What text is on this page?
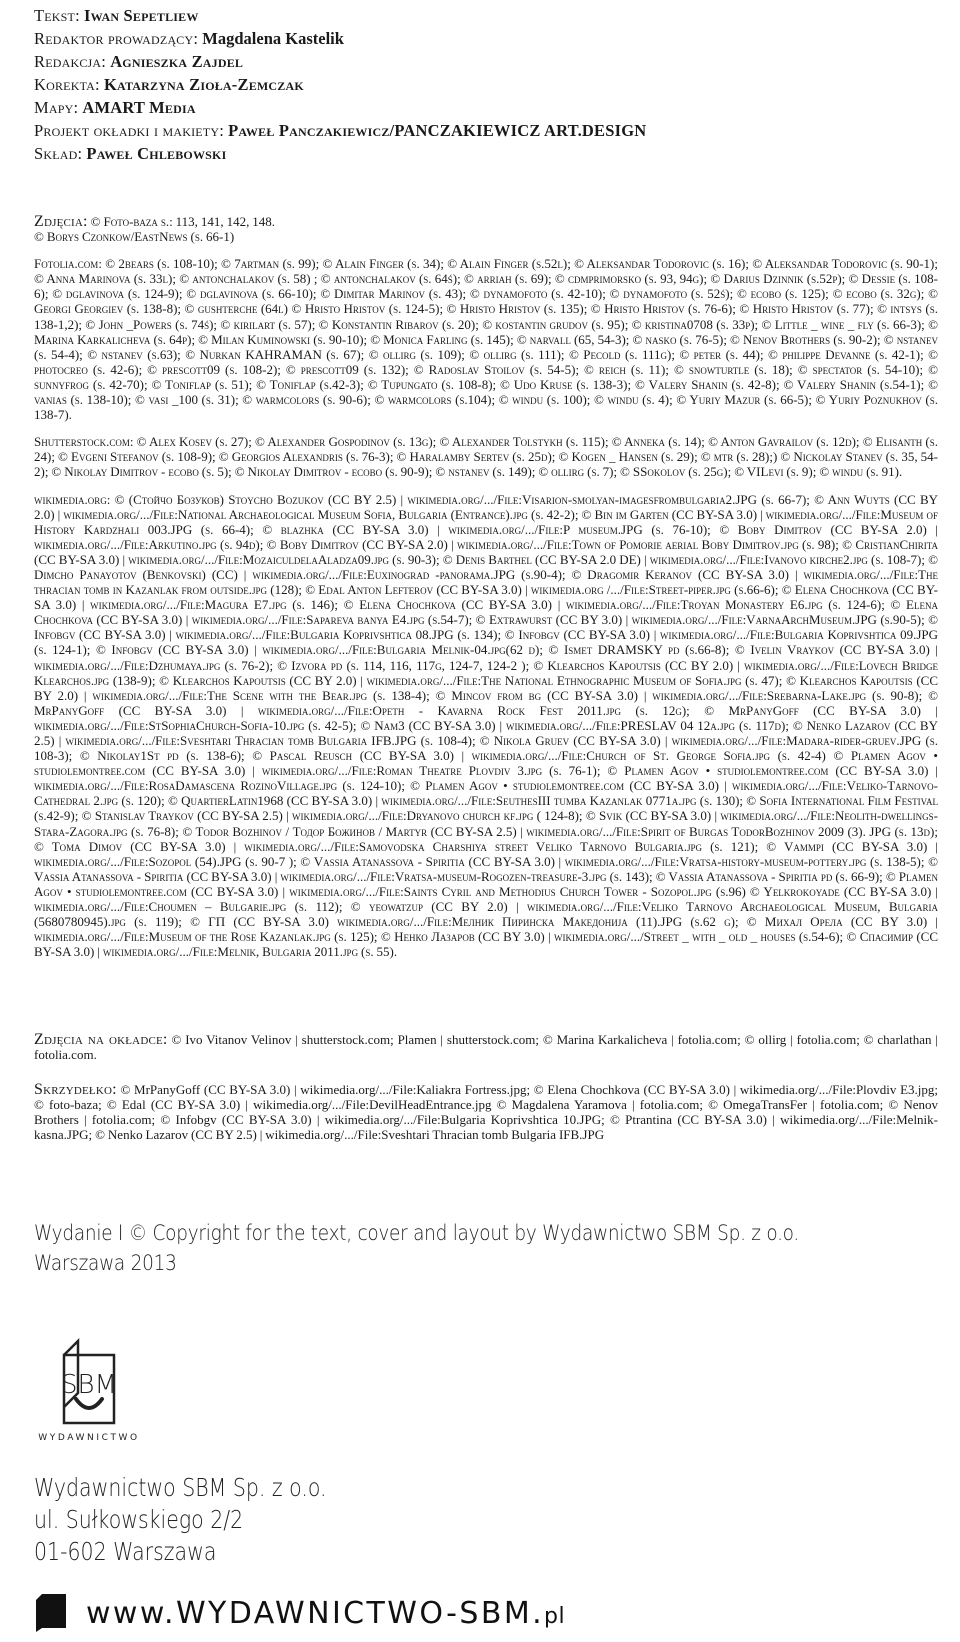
Tekst: Iwan Sepetliew
Redaktor prowadzący: Magdalena Kastelik
Redakcja: Agnieszka Zajdel
Korekta: Katarzyna Zioła-Zemczak
Mapy: AMART Media
Projekt okładki i makiety: Paweł Panczakiewicz/PANCZAKIEWICZ ART.DESIGN
Skład: Paweł Chlebowski
Zdjęcia: © Foto-baza s.: 113, 141, 142, 148.
© Borys Czonkow/EastNews (s. 66-1)
Fotolia.com: © 2bears (s. 108-10); © 7artman (s. 99); © Alain Finger (s. 34); © Alain Finger (s.52l); © Aleksandar Todorovic (s. 16); © Aleksandar Todorovic (s. 90-1); © Anna Marinova (s. 33l); © antonchalakov (s. 58) ; © antonchalakov (s. 64ś); © arriah (s. 69); © cdmprimorsko (s. 93, 94g); © Darius Dzinnik (s.52p); © Dessie (s. 108-6); © dglavinova (s. 124-9); © dglavinova (s. 66-10); © Dimitar Marinov (s. 43); © dynamofoto (s. 42-10); © dynamofoto (s. 52ś); © ecobo (s. 125); © ecobo (s. 32g); © Georgi Georgiev (s. 138-8); © gushterche (64l) © Hristo Hristov (s. 124-5); © Hristo Hristov (s. 135); © Hristo Hristov (s. 76-6); © Hristo Hristov (s. 77); © intsys (s. 138-1,2); © John _Powers (s. 74ś); © kirilart (s. 57); © Konstantin Ribarov (s. 20); © kostantin grudov (s. 95); © kristina0708 (s. 33p); © Little _ wine _ fly (s. 66-3); © Marina Karkalicheva (s. 64p); © Milan Kuminowski (s. 90-10); © Monica Farling (s. 145); © narvall (65, 54-3); © nasko (s. 76-5); © Nenov Brothers (s. 90-2); © nstanev (s. 54-4); © nstanev (s.63); © Nurkan KAHRAMAN (s. 67); © ollirg (s. 109); © ollirg (s. 111); © Pecold (s. 111g); © peter (s. 44); © philippe Devanne (s. 42-1); © photocreo (s. 42-6); © prescott09 (s. 108-2); © prescott09 (s. 132); © Radoslav Stoilov (s. 54-5); © reich (s. 11); © snowturtle (s. 18); © spectator (s. 54-10); © sunnyfrog (s. 42-70); © Toniflap (s. 51); © Toniflap (s.42-3); © Tupungato (s. 108-8); © Udo Kruse (s. 138-3); © Valery Shanin (s. 42-8); © Valery Shanin (s.54-1); © vanias (s. 138-10); © vasi _100 (s. 31); © warmcolors (s. 90-6); © warmcolors (s.104); © windu (s. 100); © windu (s. 4); © Yuriy Mazur (s. 66-5); © Yuriy Poznukhov (s. 138-7).
Shutterstock.com: © Alex Kosev (s. 27); © Alexander Gospodinov (s. 13g); © Alexander Tolstykh (s. 115); © Anneka (s. 14); © Anton Gavrailov (s. 12d); © Elisanth (s. 24); © Evgeni Stefanov (s. 108-9); © Georgios Alexandris (s. 76-3); © Haralamby Sertev (s. 25d); © Kogen _ Hansen (s. 29); © mtr (s. 28);) © Nickolay Stanev (s. 35, 54-2); © Nikolay Dimitrov - ecobo (s. 5); © Nikolay Dimitrov - ecobo (s. 90-9); © nstanev (s. 149); © ollirg (s. 7); © SSokolov (s. 25g); © VILevi (s. 9); © windu (s. 91).
wikimedia.org: © (Стойчо Бозуков) Stoycho Bozukov (CC BY 2.5) | wikimedia.org/.../File:Visarion-smolyan-imagesfrombulgaria2.JPG (s. 66-7); © Ann Wuyts (CC BY 2.0) | wikimedia.org/.../File:National Archaeological Museum Sofia, Bulgaria (Entrance).jpg (s. 42-2); © Bin im Garten (CC BY-SA 3.0) | wikimedia.org/.../File:Museum of History Kardzhali 003.JPG (s. 66-4); © blazhka (CC BY-SA 3.0) | wikimedia.org/.../File:P museum.JPG (s. 76-10); © Boby Dimitrov (CC BY-SA 2.0) | wikimedia.org/.../File:Arkutino.jpg (s. 94d); © Boby Dimitrov (CC BY-SA 2.0) | wikimedia.org/.../File:Town of Pomorie aerial Boby Dimitrov.jpg (s. 98); © CristianChirita (CC BY-SA 3.0) | wikimedia.org/.../File:MozaiculdelaAladza09.jpg (s. 90-3); © Denis Barthel (CC BY-SA 2.0 DE) | wikimedia.org/.../File:Ivanovo kirche2.jpg (s. 108-7); © Dimcho Panayotov (Benkovski) (CC) | wikimedia.org/.../File:Euxinograd -panorama.JPG (s.90-4); © Dragomir Keranov (CC BY-SA 3.0) | wikimedia.org/.../File:The thracian tomb in Kazanlak from outside.jpg (128); © Edal Anton Lefterov (CC BY-SA 3.0) | wikimedia.org /.../File:Street-piper.jpg (s.66-6); © Elena Chochkova (CC BY-SA 3.0) | wikimedia.org/.../File:Magura E7.jpg (s. 146); © Elena Chochkova (CC BY-SA 3.0) | wikimedia.org/.../File:Troyan Monastery E6.jpg (s. 124-6); © Elena Chochkova (CC BY-SA 3.0) | wikimedia.org/.../File:Sapareva banya E4.jpg (s.54-7); © Extrawurst (CC BY 3.0) | wikimedia.org/.../File:VarnaArchMuseum.JPG (s.90-5); © Infobgv (CC BY-SA 3.0) | wikimedia.org/.../File:Bulgaria Koprivshtica 08.JPG (s. 134); © Infobgv (CC BY-SA 3.0) | wikimedia.org/.../File:Bulgaria Koprivshtica 09.JPG (s. 124-1); © Infobgv (CC BY-SA 3.0) | wikimedia.org/.../File:Bulgaria Melnik-04.jpg(62 d); © Ismet DRAMSKY pd (s.66-8); © Ivelin Vraykov (CC BY-SA 3.0) | wikimedia.org/.../File:Dzhumaya.jpg (s. 76-2); © Izvora pd (s. 114, 116, 117g, 124-7, 124-2 ); © Klearchos Kapoutsis (CC BY 2.0) | wikimedia.org/.../File:Lovech Bridge Klearchos.jpg (138-9); © Klearchos Kapoutsis (CC BY 2.0) | wikimedia.org/.../File:The National Ethnographic Museum of Sofia.jpg (s. 47); © Klearchos Kapoutsis (CC BY 2.0) | wikimedia.org/.../File:The Scene with the Bear.jpg (s. 138-4); © Mincov from bg (CC BY-SA 3.0) | wikimedia.org/.../File:Srebarna-Lake.jpg (s. 90-8); © MrPanyGoff (CC BY-SA 3.0) | wikimedia.org/.../File:Opeth - Kavarna Rock Fest 2011.jpg (s. 12g); © MrPanyGoff (CC BY-SA 3.0) | wikimedia.org/.../File:StSophiaChurch-Sofia-10.jpg (s. 42-5); © Nam3 (CC BY-SA 3.0) | wikimedia.org/.../File:PRESLAV 04 12a.jpg (s. 117d); © Nenko Lazarov (CC BY 2.5) | wikimedia.org/.../File:Sveshtari Thracian tomb Bulgaria IFB.JPG (s. 108-4); © Nikola Gruev (CC BY-SA 3.0) | wikimedia.org/.../File:Madara-rider-gruev.JPG (s. 108-3); © Nikolay1St pd (s. 138-6); © Pascal Reusch (CC BY-SA 3.0) | wikimedia.org/.../File:Church of St. George Sofia.jpg (s. 42-4) © Plamen Agov • studiolemontree.com (CC BY-SA 3.0) | wikimedia.org/.../File:Roman Theatre Plovdiv 3.jpg (s. 76-1); © Plamen Agov • studiolemontree.com (CC BY-SA 3.0) | wikimedia.org/.../File:RosaDamascena RozinoVillage.jpg (s. 124-10); © Plamen Agov • studiolemontree.com (CC BY-SA 3.0) | wikimedia.org/.../File:Veliko-Tarnovo-Cathedral 2.jpg (s. 120); © QuartierLatin1968 (CC BY-SA 3.0) | wikimedia.org/.../File:SeuthesIII tumba Kazanlak 0771a.jpg (s. 130); © Sofia International Film Festival (s.42-9); © Stanislav Traykov (CC BY-SA 2.5) | wikimedia.org/.../File:Dryanovo church kf.jpg ( 124-8); © Svik (CC BY-SA 3.0) | wikimedia.org/.../File:Neolith-dwellings-Stara-Zagora.jpg (s. 76-8); © Todor Bozhinov / Тодор Божинов / Martyr (CC BY-SA 2.5) | wikimedia.org/.../File:Spirit of Burgas TodorBozhinov 2009 (3). JPG (s. 13d); © Toma Dimov (CC BY-SA 3.0) | wikimedia.org/.../File:Samovodska Charshiya street Veliko Tarnovo Bulgaria.jpg (s. 121); © Vammpi (CC BY-SA 3.0) | wikimedia.org/.../File:Sozopol (54).JPG (s. 90-7 ); © Vassia Atanassova - Spiritia (CC BY-SA 3.0) | wikimedia.org/.../File:Vratsa-history-museum-pottery.jpg (s. 138-5); © Vassia Atanassova - Spiritia (CC BY-SA 3.0) | wikimedia.org/.../File:Vratsa-museum-Rogozen-treasure-3.jpg (s. 143); © Vassia Atanassova - Spiritia pd (s. 66-9); © Plamen Agov • studiolemontree.com (CC BY-SA 3.0) | wikimedia.org/.../File:Saints Cyril and Methodius Church Tower - Sozopol.jpg (s.96) © Yelkrokoyade (CC BY-SA 3.0) | wikimedia.org/.../File:Choumen – Bulgarie.jpg (s. 112); © yeowatzup (CC BY 2.0) | wikimedia.org/.../File:Veliko Tarnovo Archaeological Museum, Bulgaria (5680780945).jpg (s. 119); © ГП (CC BY-SA 3.0) wikimedia.org/.../File:Мелник Пиринска Македонија (11).JPG (s.62 g); © Михал Орела (CC BY 3.0) | wikimedia.org/.../File:Museum of the Rose Kazanlak.jpg (s. 125); © Ненко Лазаров (CC BY 3.0) | wikimedia.org/.../Street _ with _ old _ houses (s.54-6); © Спасимир (CC BY-SA 3.0) | wikimedia.org/.../File:Melnik, Bulgaria 2011.jpg (s. 55).
Zdjęcia na okładce: © Ivo Vitanov Velinov | shutterstock.com; Plamen | shutterstock.com; © Marina Karkalicheva | fotolia.com; © ollirg | fotolia.com; © charlathan | fotolia.com.
Skrzydełko: © MrPanyGoff (CC BY-SA 3.0) | wikimedia.org/.../File:Kaliakra Fortress.jpg; © Elena Chochkova (CC BY-SA 3.0) | wikimedia.org/.../File:Plovdiv E3.jpg; © foto-baza; © Edal (CC BY-SA 3.0) | wikimedia.org/.../File:DevilHeadEntrance.jpg © Magdalena Yaramova | fotolia.com; © OmegaTransFer | fotolia.com; © Nenov Brothers | fotolia.com; © Infobgv (CC BY-SA 3.0) | wikimedia.org/.../File:Bulgaria Koprivshtica 10.JPG; © Ptrantina (CC BY-SA 3.0) | wikimedia.org/.../File:Melnik-kasna.JPG; © Nenko Lazarov (CC BY 2.5) | wikimedia.org/.../File:Sveshtari Thracian tomb Bulgaria IFB.JPG
Wydanie I © Copyright for the text, cover and layout by Wydawnictwo SBM Sp. z o.o.
Warszawa 2013
SBM
WYDAWNICTWO
Wydawnictwo SBM Sp. z o.o.
ul. Sułkowskiego 2/2
01-602 Warszawa
www.WYDAWNICTWO-SBM.pl
